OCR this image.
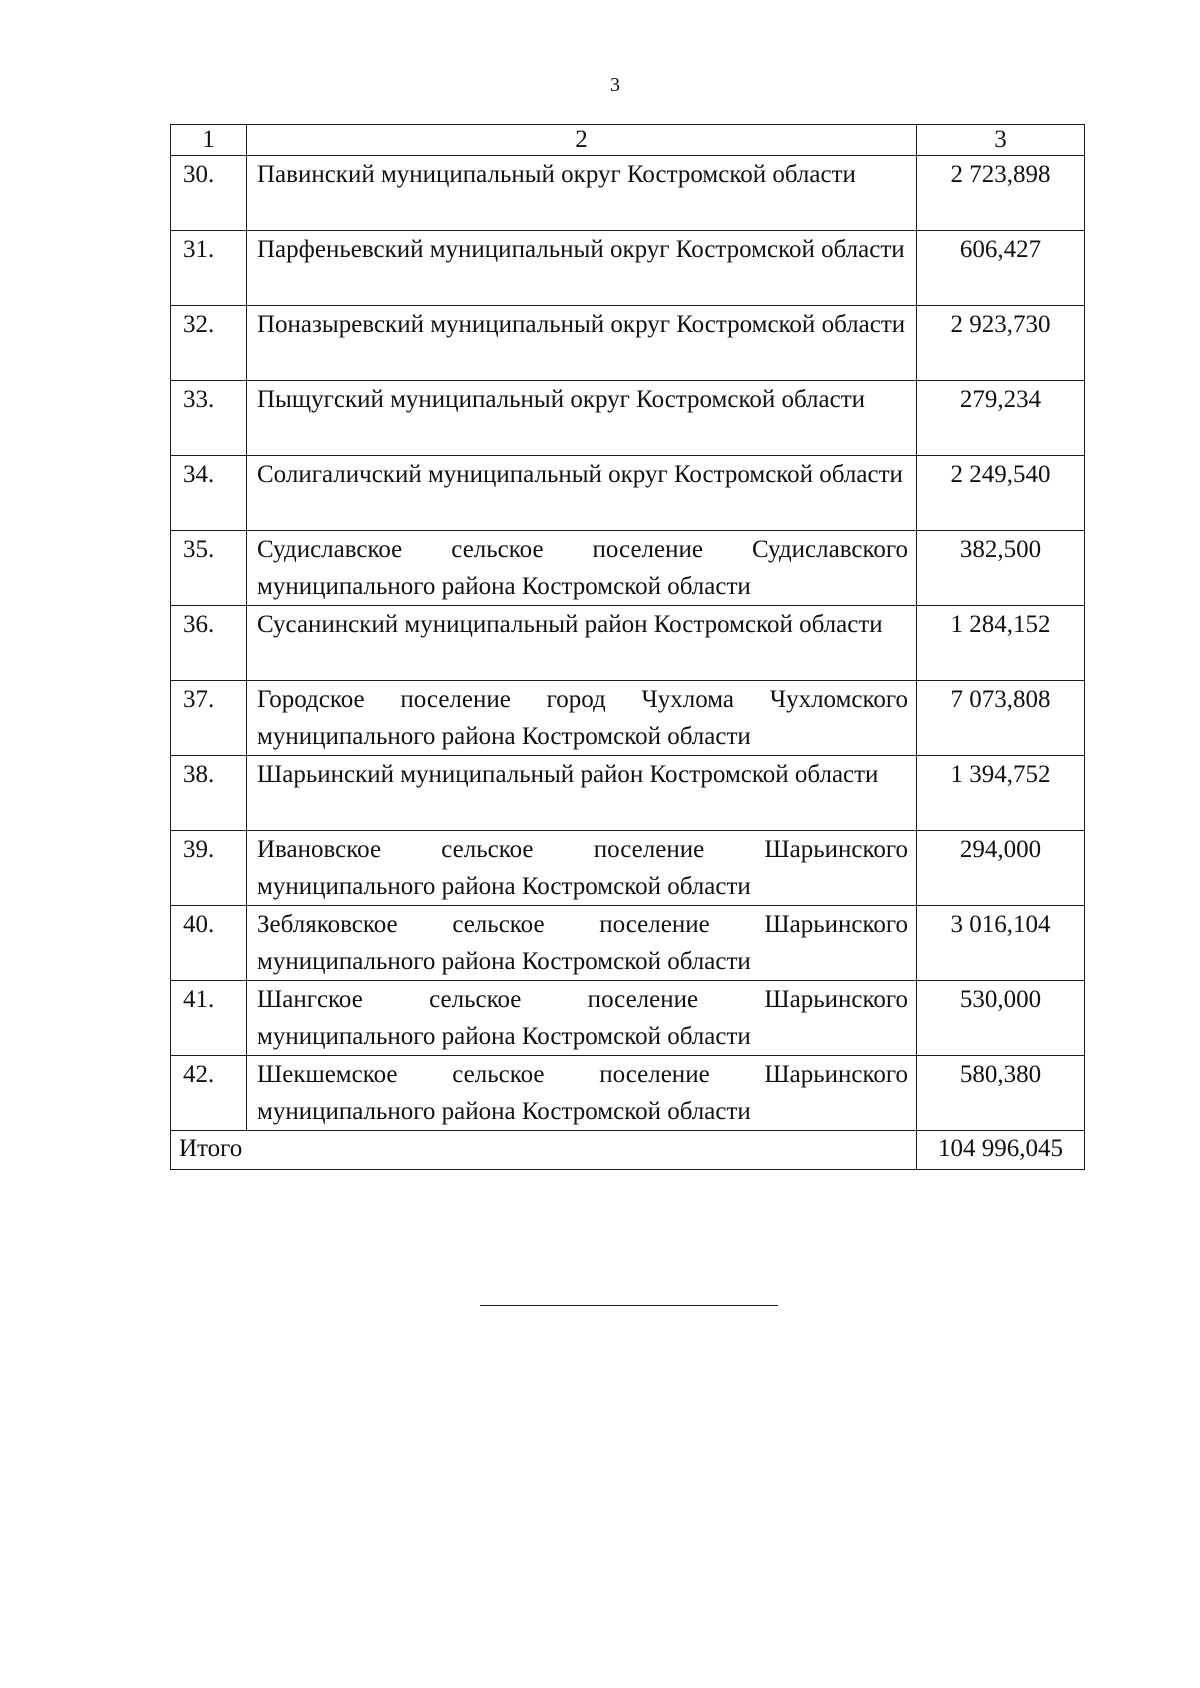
3
1	2	3
30.	Павинский муниципальный округ Костромской области	2 723,898
31.	Парфеньевский муниципальный округ Костромской области	606,427
32.	Поназыревский муниципальный округ Костромской области	2 923,730
33.	Пыщугский муниципальный округ Костромской области	279,234
34.	Солигаличский муниципальный округ Костромской области	2 249,540
35.	Судиславское сельское поселение Судиславского муниципального района Костромской области	382,500
36.	Сусанинский муниципальный район Костромской области	1 284,152
37.	Городское поселение город Чухлома Чухломского муниципального района Костромской области	7 073,808
38.	Шарьинский муниципальный район Костромской области	1 394,752
39.	Ивановское сельское поселение Шарьинского муниципального района Костромской области	294,000
40.	Зебляковское сельское поселение Шарьинского муниципального района Костромской области	3 016,104
41.	Шангское сельское поселение Шарьинского муниципального района Костромской области	530,000
42.	Шекшемское сельское поселение Шарьинского муниципального района Костромской области	580,380
Итого		104 996,045
